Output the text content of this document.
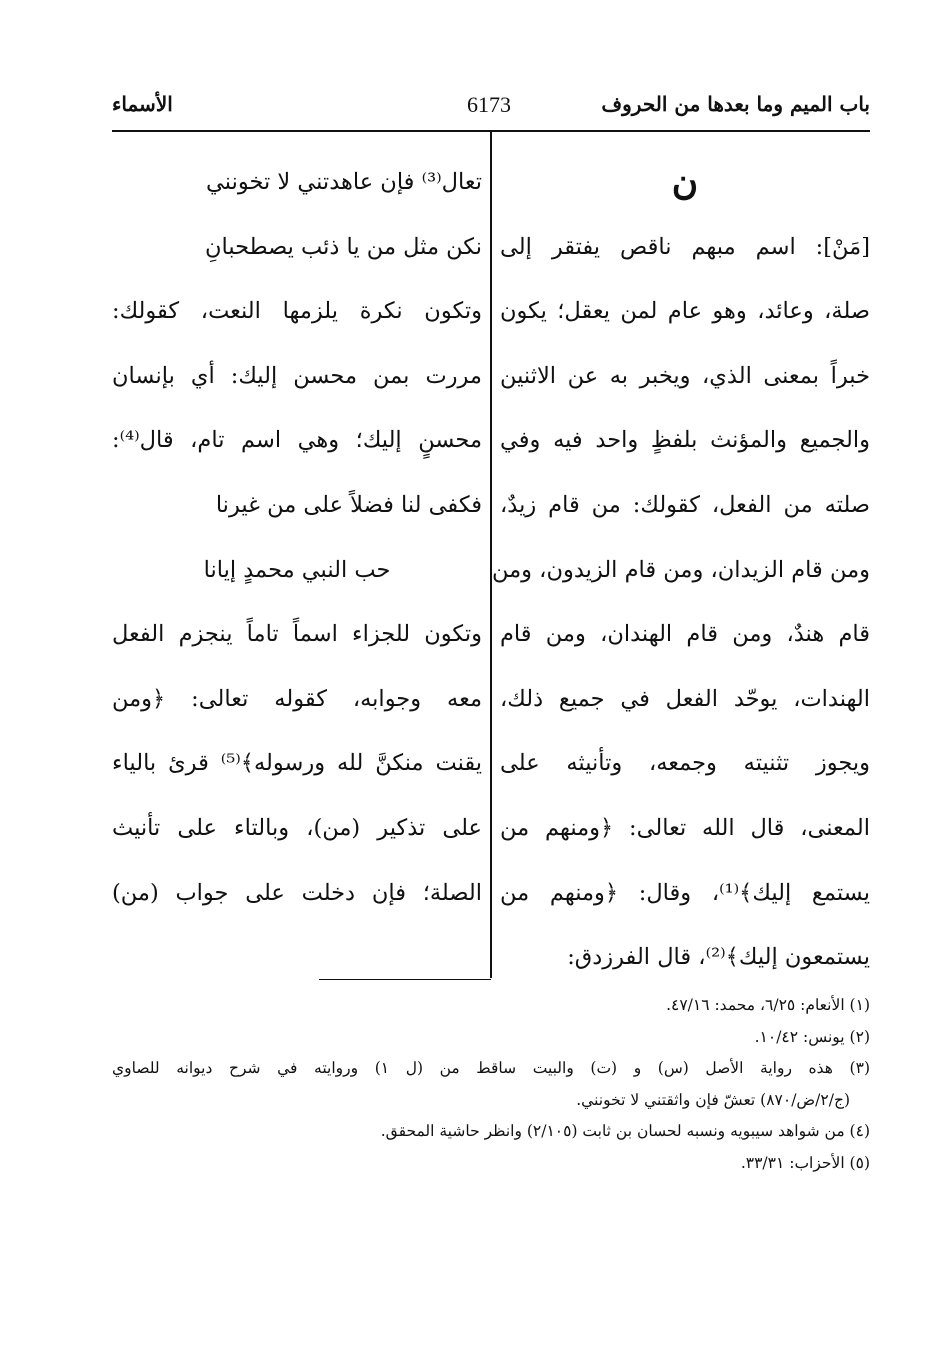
باب الميم وما بعدها من الحروف
6173
الأسماء
ن
[مَنْ]: اسم مبهم ناقص يفتقر إلى
صلة، وعائد، وهو عام لمن يعقل؛ يكون
خبراً بمعنى الذي، ويخبر به عن الاثنين
والجميع والمؤنث بلفظٍ واحد فيه وفي
صلته من الفعل، كقولك: من قام زيدٌ،
ومن قام الزيدان، ومن قام الزيدون، ومن
قام هندٌ، ومن قام الهندان، ومن قام
الهندات، يوحّد الفعل في جميع ذلك،
ويجوز تثنيته وجمعه، وتأنيثه على
المعنى، قال الله تعالى: ﴿ومنهم من
يستمع إليك﴾⁽¹⁾، وقال: ﴿ومنهم من
يستمعون إليك﴾⁽²⁾، قال الفرزدق:
تعال⁽³⁾ فإن عاهدتني لا تخونني
نكن مثل من يا ذئب يصطحبانِ
وتكون نكرة يلزمها النعت، كقولك:
مررت بمن محسن إليك: أي بإنسان
محسنٍ إليك؛ وهي اسم تام، قال⁽⁴⁾:
فكفى لنا فضلاً على من غيرنا
حب النبي محمدٍ إيانا
وتكون للجزاء اسماً تاماً ينجزم الفعل
معه وجوابه، كقوله تعالى: ﴿ومن
يقنت منكنَّ لله ورسوله﴾⁽⁵⁾ قرئ بالياء
على تذكير (من)، وبالتاء على تأنيث
الصلة؛ فإن دخلت على جواب (من)
(١) الأنعام: ٦/٢٥، محمد: ٤٧/١٦.
(٢) يونس: ١٠/٤٢.
(٣) هذه رواية الأصل (س) و (ت) والبيت ساقط من (ل ١) وروايته في شرح ديوانه للصاوي
(ج/٢/ض/٨٧٠) تعشّ فإن واثقتني لا تخونني.
(٤) من شواهد سيبويه ونسبه لحسان بن ثابت (٢/١٠٥) وانظر حاشية المحقق.
(٥) الأحزاب: ٣٣/٣١.
